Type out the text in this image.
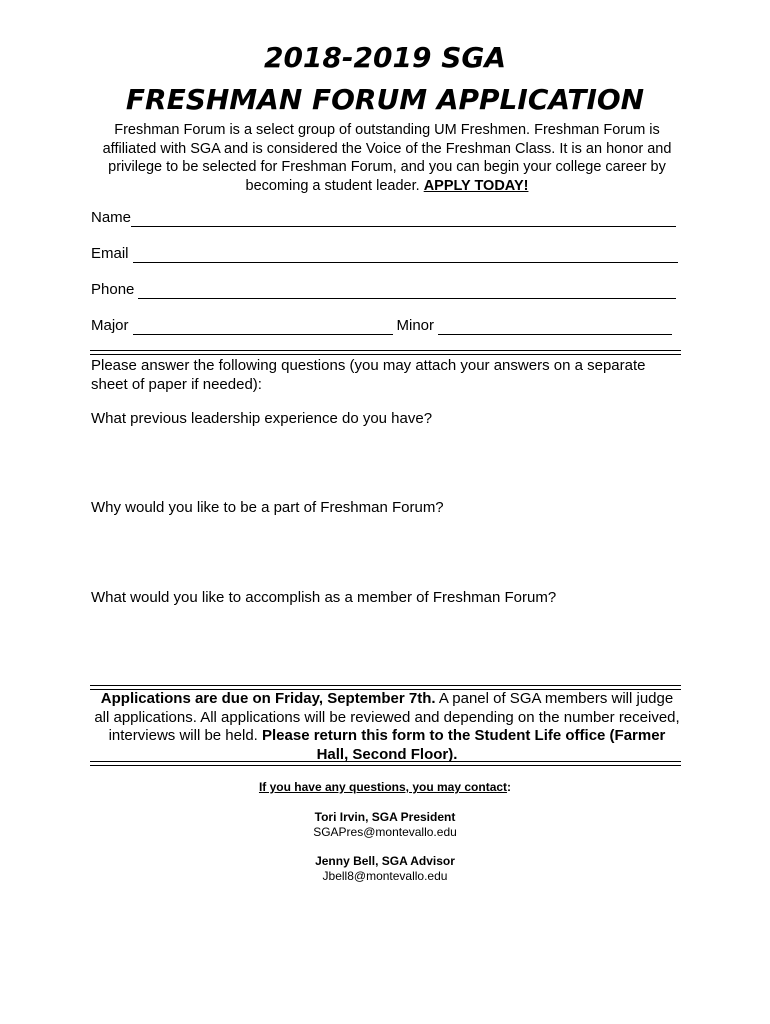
2018-2019 SGA
FRESHMAN FORUM APPLICATION
Freshman Forum is a select group of outstanding UM Freshmen. Freshman Forum is affiliated with SGA and is considered the Voice of the Freshman Class. It is an honor and privilege to be selected for Freshman Forum, and you can begin your college career by becoming a student leader. APPLY TODAY!
Name
Email
Phone
Major	Minor
Please answer the following questions (you may attach your answers on a separate sheet of paper if needed):
What previous leadership experience do you have?
Why would you like to be a part of Freshman Forum?
What would you like to accomplish as a member of Freshman Forum?
Applications are due on Friday, September 7th. A panel of SGA members will judge all applications. All applications will be reviewed and depending on the number received, interviews will be held. Please return this form to the Student Life office (Farmer Hall, Second Floor).
If you have any questions, you may contact:
Tori Irvin, SGA President
SGAPres@montevallo.edu
Jenny Bell, SGA Advisor
Jbell8@montevallo.edu
